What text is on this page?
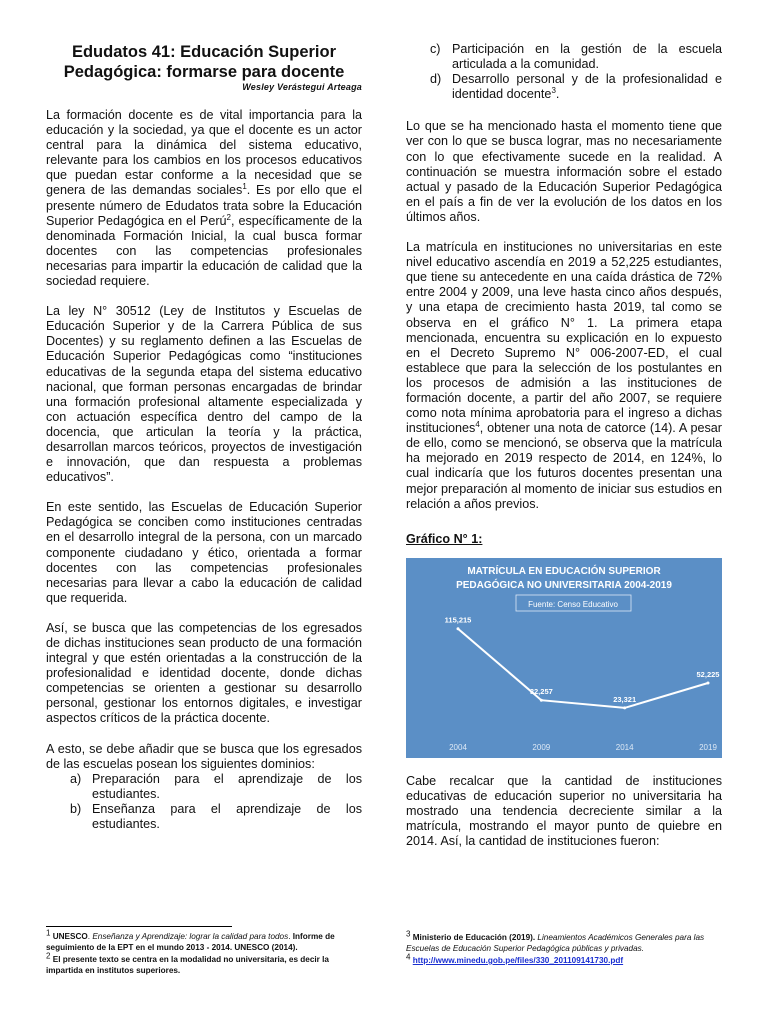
Edudatos 41: Educación Superior
Pedagógica: formarse para docente
Wesley Verástegui Arteaga

La formación docente es de vital importancia para la educación y la sociedad, ya que el docente es un actor central para la dinámica del sistema educativo, relevante para los cambios en los procesos educativos que puedan estar conforme a la necesidad que se genera de las demandas sociales$^1$. Es por ello que el presente número de Edudatos trata sobre la Educación Superior Pedagógica en el Perú$^2$, específicamente de la denominada Formación Inicial, la cual busca formar docentes con las competencias profesionales necesarias para impartir la educación de calidad que la sociedad requiere.

La ley N° 30512 (Ley de Institutos y Escuelas de Educación Superior y de la Carrera Pública de sus Docentes) y su reglamento definen a las Escuelas de Educación Superior Pedagógicas como “instituciones educativas de la segunda etapa del sistema educativo nacional, que forman personas encargadas de brindar una formación profesional altamente especializada y con actuación específica dentro del campo de la docencia, que articulan la teoría y la práctica, desarrollan marcos teóricos, proyectos de investigación e innovación, que dan respuesta a problemas educativos”.

En este sentido, las Escuelas de Educación Superior Pedagógica se conciben como instituciones centradas en el desarrollo integral de la persona, con un marcado componente ciudadano y ético, orientada a formar docentes con las competencias profesionales necesarias para llevar a cabo la educación de calidad que requerida.

Así, se busca que las competencias de los egresados de dichas instituciones sean producto de una formación integral y que estén orientadas a la construcción de la profesionalidad e identidad docente, donde dichas competencias se orienten a gestionar su desarrollo personal, gestionar los entornos digitales, e investigar aspectos críticos de la práctica docente.

A esto, se debe añadir que se busca que los egresados de las escuelas posean los siguientes dominios:

a) Preparación para el aprendizaje de los estudiantes.
b) Enseñanza para el aprendizaje de los estudiantes.
c) Participación en la gestión de la escuela articulada a la comunidad.
d) Desarrollo personal y de la profesionalidad e identidad docente$^3$.

Lo que se ha mencionado hasta el momento tiene que ver con lo que se busca lograr, mas no necesariamente con lo que efectivamente sucede en la realidad. A continuación se muestra información sobre el estado actual y pasado de la Educación Superior Pedagógica en el país a fin de ver la evolución de los datos en los últimos años.

La matrícula en instituciones no universitarias en este nivel educativo ascendía en 2019 a 52,225 estudiantes, que tiene su antecedente en una caída drástica de 72% entre 2004 y 2009, una leve hasta cinco años después, y una etapa de crecimiento hasta 2019, tal como se observa en el gráfico N° 1. La primera etapa mencionada, encuentra su explicación en lo expuesto en el Decreto Supremo N° 006-2007-ED, el cual establece que para la selección de los postulantes en los procesos de admisión a las instituciones de formación docente, a partir del año 2007, se requiere como nota mínima aprobatoria para el ingreso a dichas instituciones$^4$, obtener una nota de catorce (14). A pesar de ello, como se mencionó, se observa que la matrícula ha mejorado en 2019 respecto de 2014, en 124%, lo cual indicaría que los futuros docentes presentan una mejor preparación al momento de iniciar sus estudios en relación a años previos.

Gráfico N° 1:
MATRÍCULA EN EDUCACIÓN SUPERIOR
PEDAGÓGICA NO UNIVERSITARIA 2004-2019
Fuente: Censo Educativo
115,215
2004
32,257
2009
23,321
2014
52,225
2019

Cabe recalcar que la cantidad de instituciones educativas de educación superior no universitaria ha mostrado una tendencia decreciente similar a la matrícula, mostrando el mayor punto de quiebre en 2014. Así, la cantidad de instituciones fueron:

$^1$ UNESCO. Enseñanza y Aprendizaje: lograr la calidad para todos. Informe de seguimiento de la EPT en el mundo 2013 - 2014. UNESCO (2014).

$^2$ El presente texto se centra en la modalidad no universitaria, es decir la impartida en institutos superiores.

$^3$ Ministerio de Educación (2019). Lineamientos Académicos Generales para las Escuelas de Educación Superior Pedagógica públicas y privadas.

$^4$ http://www.minedu.gob.pe/files/330_201109141730.pdf
